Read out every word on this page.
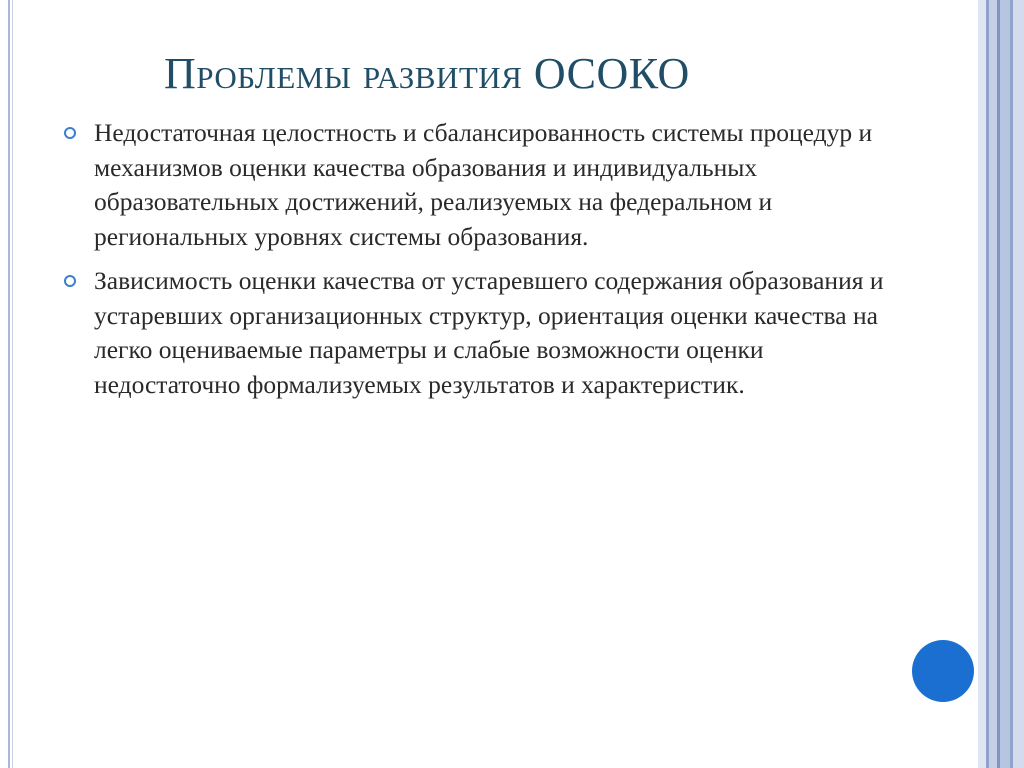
Проблемы развития ОСОКО
Недостаточная целостность и сбалансированность системы процедур и механизмов оценки качества образования и индивидуальных образовательных достижений, реализуемых на федеральном и региональных уровнях системы образования.
Зависимость оценки качества от устаревшего содержания образования и устаревших организационных структур, ориентация оценки качества на легко оцениваемые параметры и слабые возможности оценки недостаточно формализуемых результатов и характеристик.
